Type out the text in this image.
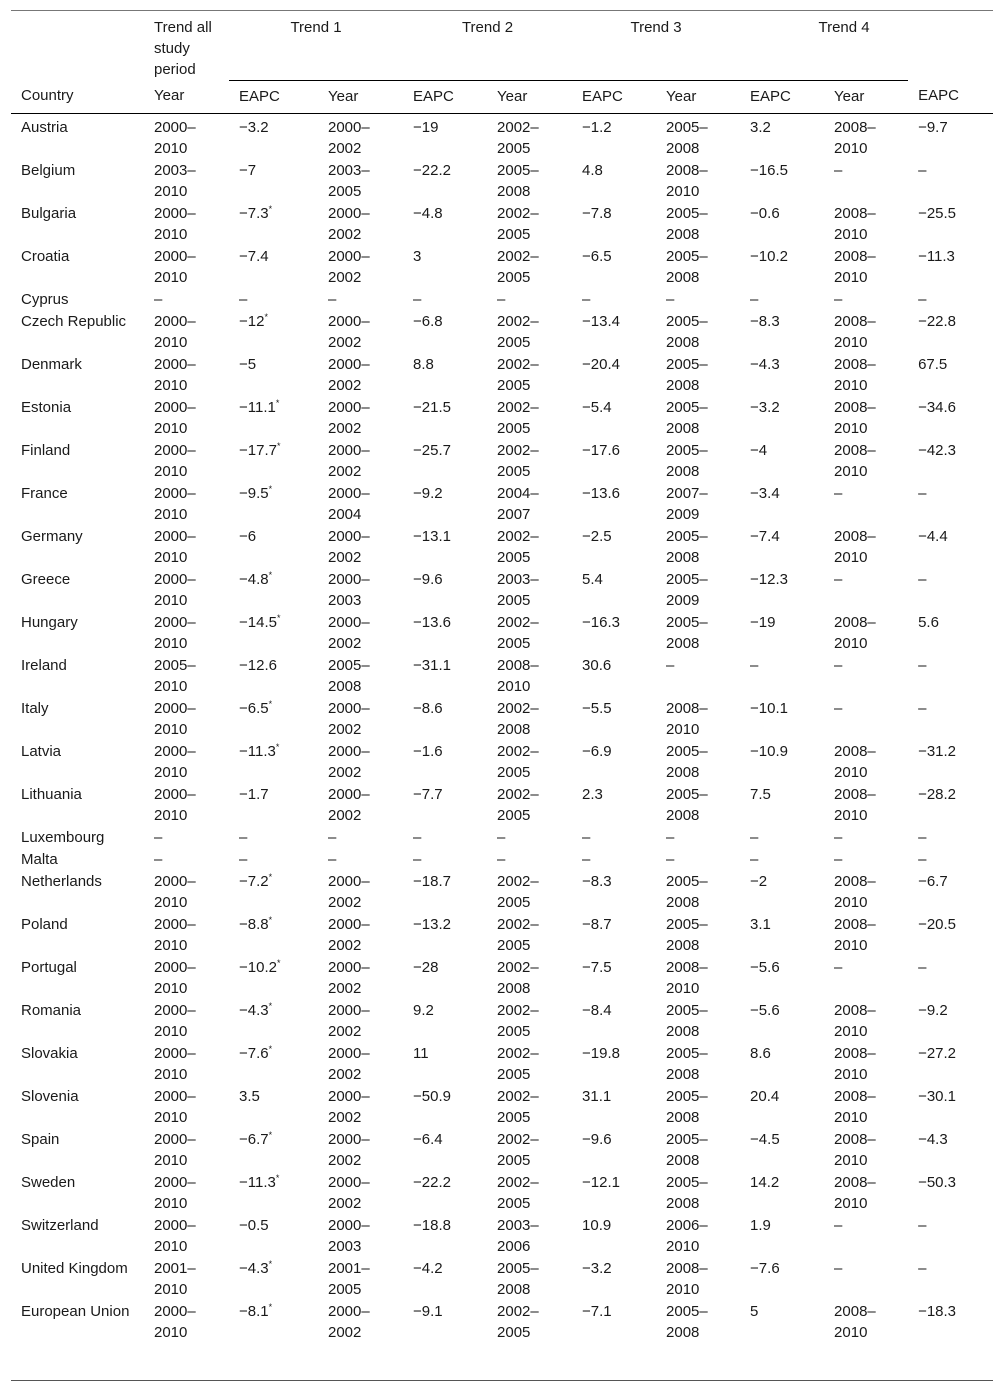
	Trend all study period	Trend 1		Trend 2		Trend 3		Trend 4		
Country	Year	EAPC	Year	EAPC	Year	EAPC	Year	EAPC	Year	EAPC
Austria	2000–2010	−3.2	2000–2002	−19	2002–2005	−1.2	2005–2008	3.2	2008–2010	−9.7
Belgium	2003–2010	−7	2003–2005	−22.2	2005–2008	4.8	2008–2010	−16.5	–	–
Bulgaria	2000–2010	−7.3*	2000–2002	−4.8	2002–2005	−7.8	2005–2008	−0.6	2008–2010	−25.5
Croatia	2000–2010	−7.4	2000–2002	3	2002–2005	−6.5	2005–2008	−10.2	2008–2010	−11.3
Cyprus	–	–	–	–	–	–	–	–	–	–
Czech Republic	2000–2010	−12*	2000–2002	−6.8	2002–2005	−13.4	2005–2008	−8.3	2008–2010	−22.8
Denmark	2000–2010	−5	2000–2002	8.8	2002–2005	−20.4	2005–2008	−4.3	2008–2010	67.5
Estonia	2000–2010	−11.1*	2000–2002	−21.5	2002–2005	−5.4	2005–2008	−3.2	2008–2010	−34.6
Finland	2000–2010	−17.7*	2000–2002	−25.7	2002–2005	−17.6	2005–2008	−4	2008–2010	−42.3
France	2000–2010	−9.5*	2000–2004	−9.2	2004–2007	−13.6	2007–2009	−3.4	–	–
Germany	2000–2010	−6	2000–2002	−13.1	2002–2005	−2.5	2005–2008	−7.4	2008–2010	−4.4
Greece	2000–2010	−4.8*	2000–2003	−9.6	2003–2005	5.4	2005–2009	−12.3	–	–
Hungary	2000–2010	−14.5*	2000–2002	−13.6	2002–2005	−16.3	2005–2008	−19	2008–2010	5.6
Ireland	2005–2010	−12.6	2005–2008	−31.1	2008–2010	30.6	–	–	–	–
Italy	2000–2010	−6.5*	2000–2002	−8.6	2002–2008	−5.5	2008–2010	−10.1	–	–
Latvia	2000–2010	−11.3*	2000–2002	−1.6	2002–2005	−6.9	2005–2008	−10.9	2008–2010	−31.2
Lithuania	2000–2010	−1.7	2000–2002	−7.7	2002–2005	2.3	2005–2008	7.5	2008–2010	−28.2
Luxembourg	–	–	–	–	–	–	–	–	–	–
Malta	–	–	–	–	–	–	–	–	–	–
Netherlands	2000–2010	−7.2*	2000–2002	−18.7	2002–2005	−8.3	2005–2008	−2	2008–2010	−6.7
Poland	2000–2010	−8.8*	2000–2002	−13.2	2002–2005	−8.7	2005–2008	3.1	2008–2010	−20.5
Portugal	2000–2010	−10.2*	2000–2002	−28	2002–2008	−7.5	2008–2010	−5.6	–	–
Romania	2000–2010	−4.3*	2000–2002	9.2	2002–2005	−8.4	2005–2008	−5.6	2008–2010	−9.2
Slovakia	2000–2010	−7.6*	2000–2002	11	2002–2005	−19.8	2005–2008	8.6	2008–2010	−27.2
Slovenia	2000–2010	3.5	2000–2002	−50.9	2002–2005	31.1	2005–2008	20.4	2008–2010	−30.1
Spain	2000–2010	−6.7*	2000–2002	−6.4	2002–2005	−9.6	2005–2008	−4.5	2008–2010	−4.3
Sweden	2000–2010	−11.3*	2000–2002	−22.2	2002–2005	−12.1	2005–2008	14.2	2008–2010	−50.3
Switzerland	2000–2010	−0.5	2000–2003	−18.8	2003–2006	10.9	2006–2010	1.9	–	–
United Kingdom	2001–2010	−4.3*	2001–2005	−4.2	2005–2008	−3.2	2008–2010	−7.6	–	–
European Union	2000–2010	−8.1*	2000–2002	−9.1	2002–2005	−7.1	2005–2008	5	2008–2010	−18.3
